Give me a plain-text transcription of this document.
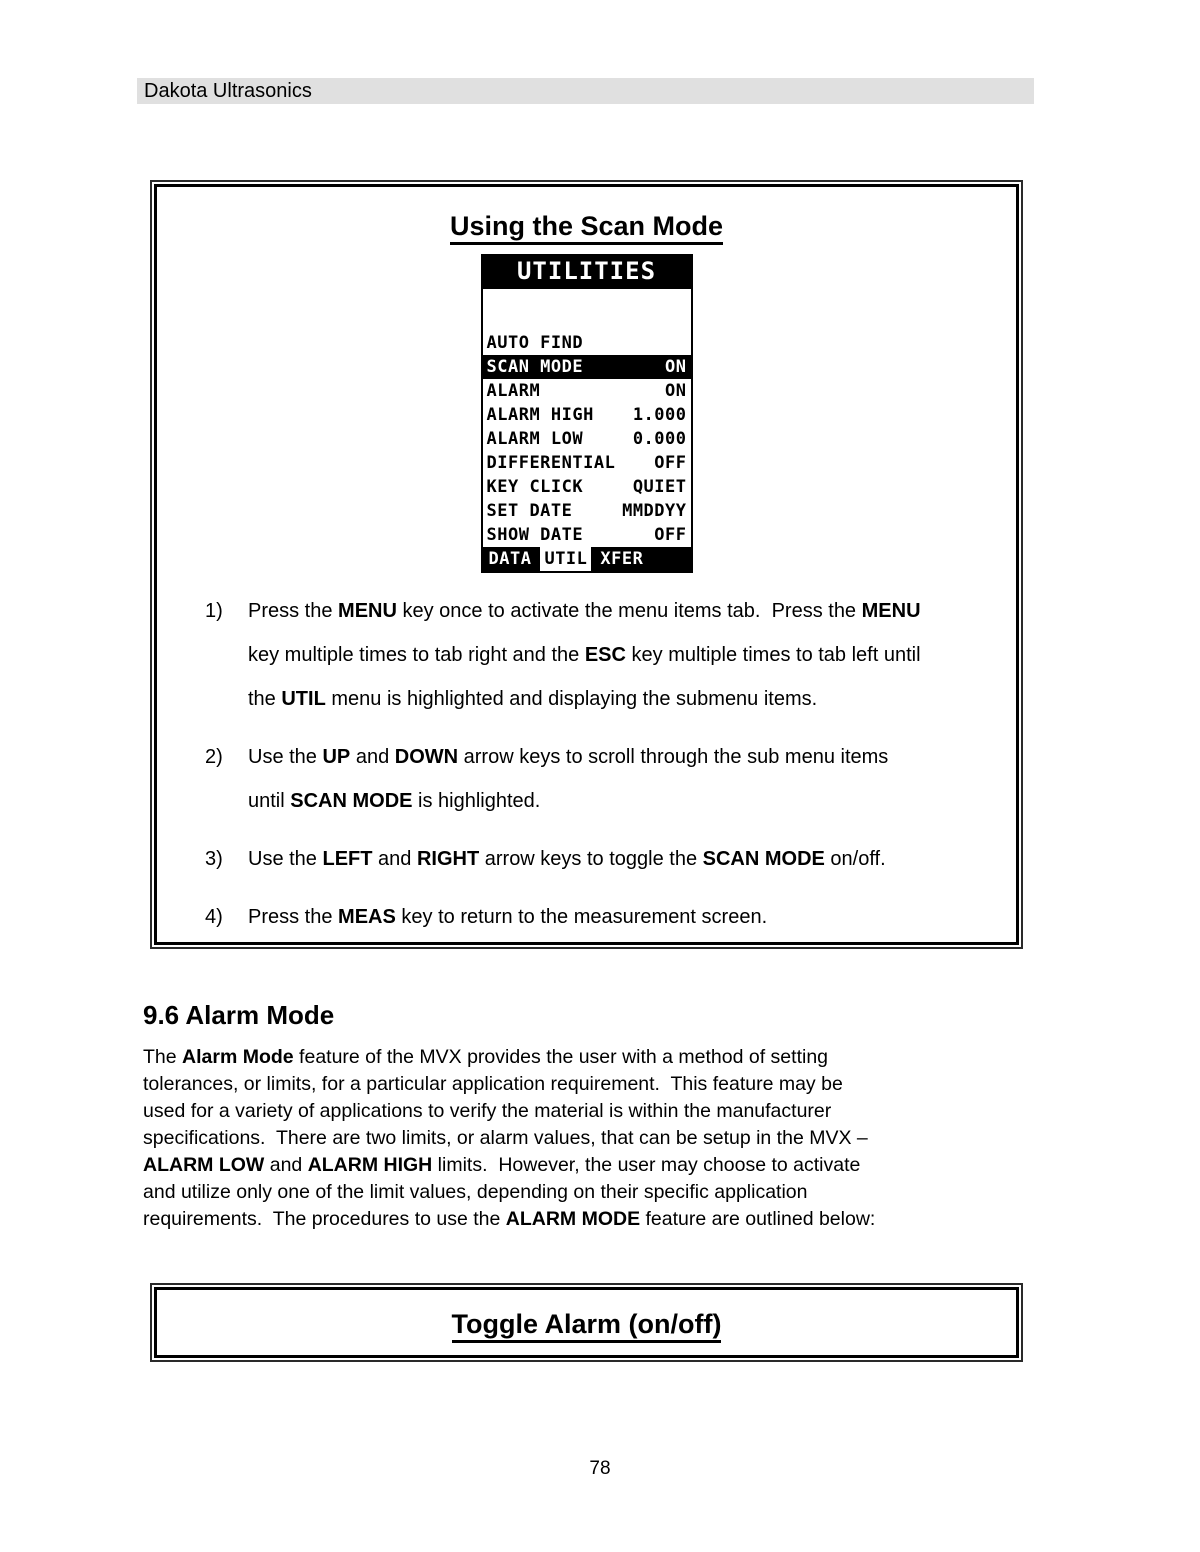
Dakota Ultrasonics
Using the Scan Mode
UTILITIES
AUTO FIND
SCAN MODE	ON
ALARM	ON
ALARM HIGH 1.000
ALARM LOW	0.000
DIFFERENTIAL OFF
KEY CLICK	QUIET
SET DATE	MMDDYY
SHOW DATE	OFF
DATA UTIL XFER
1)	Press the MENU key once to activate the menu items tab.  Press the MENU
key multiple times to tab right and the ESC key multiple times to tab left until
the UTIL menu is highlighted and displaying the submenu items.
2)	Use the UP and DOWN arrow keys to scroll through the sub menu items
until SCAN MODE is highlighted.
3)	Use the LEFT and RIGHT arrow keys to toggle the SCAN MODE on/off.
4)	Press the MEAS key to return to the measurement screen.
9.6 Alarm Mode
The Alarm Mode feature of the MVX provides the user with a method of setting
tolerances, or limits, for a particular application requirement.  This feature may be
used for a variety of applications to verify the material is within the manufacturer
specifications.  There are two limits, or alarm values, that can be setup in the MVX –
ALARM LOW and ALARM HIGH limits.  However, the user may choose to activate
and utilize only one of the limit values, depending on their specific application
requirements.  The procedures to use the ALARM MODE feature are outlined below:
Toggle Alarm (on/off)
78
